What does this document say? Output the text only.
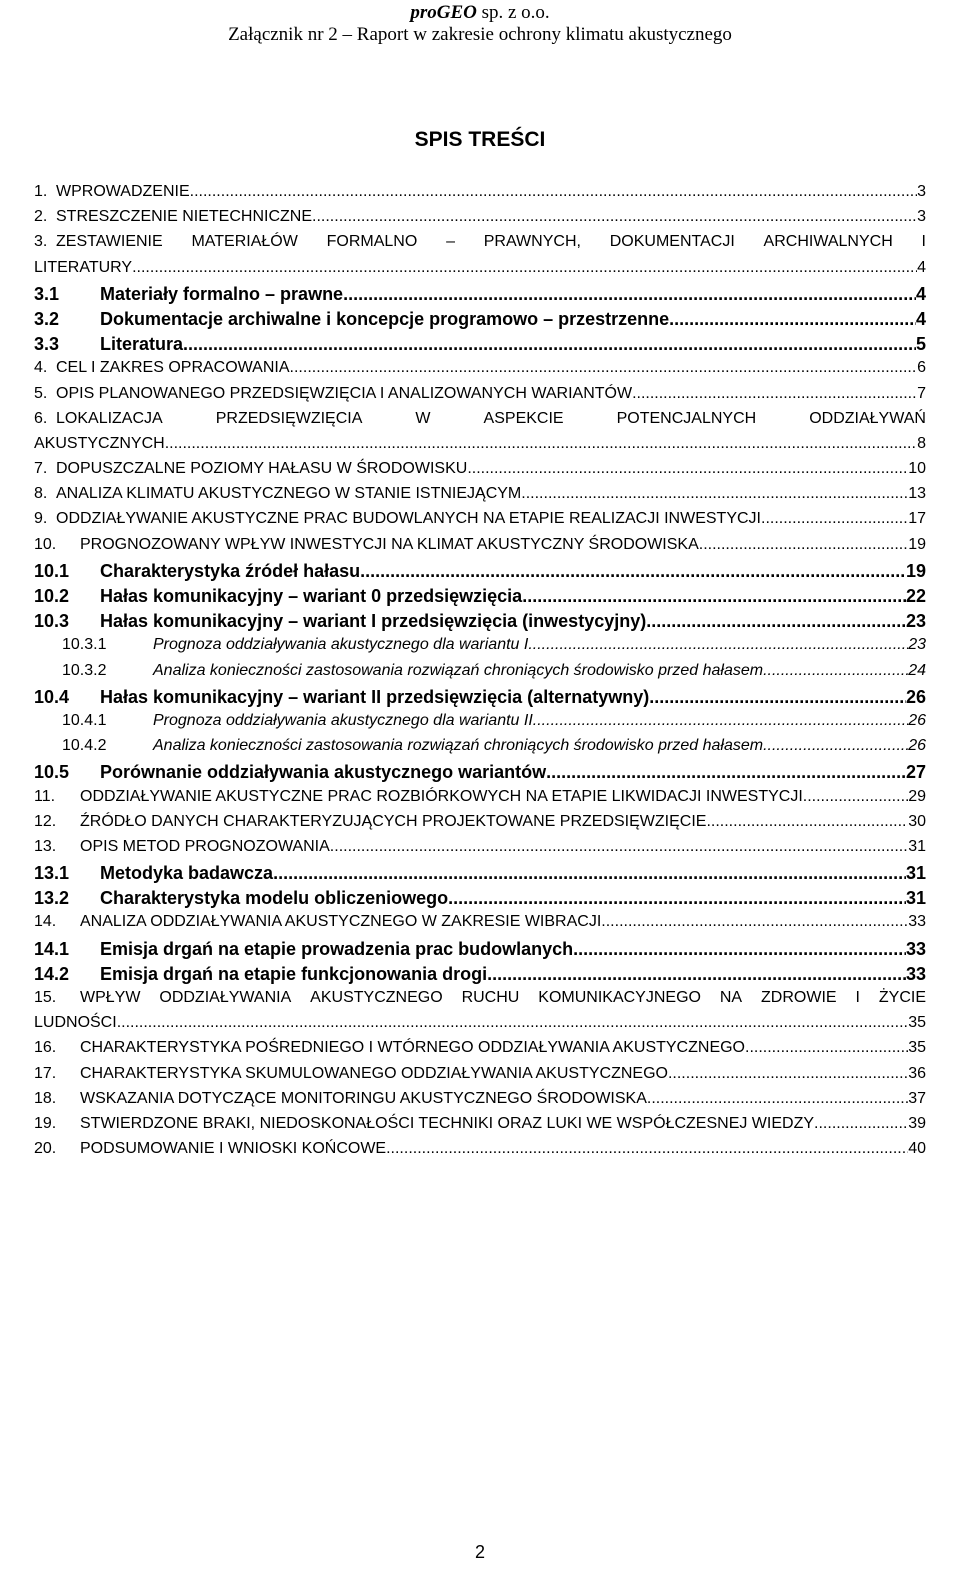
proGEO sp. z o.o.
Załącznik nr 2 – Raport w zakresie ochrony klimatu akustycznego
SPIS TREŚCI
1. WPROWADZENIE .....	3
2. STRESZCZENIE NIETECHNICZNE .....	3
3. ZESTAWIENIE MATERIAŁÓW FORMALNO – PRAWNYCH, DOKUMENTACJI ARCHIWALNYCH I
LITERATURY .....	4
3.1	Materiały formalno – prawne .....	4
3.2	Dokumentacje archiwalne i koncepcje programowo – przestrzenne .....	4
3.3	Literatura .....	5
4. CEL I ZAKRES OPRACOWANIA .....	6
5. OPIS PLANOWANEGO PRZEDSIĘWZIĘCIA I ANALIZOWANYCH WARIANTÓW .....	7
6. LOKALIZACJA	PRZEDSIĘWZIĘCIA	W	ASPEKCIE	POTENCJALNYCH	ODDZIAŁYWAŃ
AKUSTYCZNYCH .....	8
7. DOPUSZCZALNE POZIOMY HAŁASU W ŚRODOWISKU .....	10
8. ANALIZA KLIMATU AKUSTYCZNEGO W STANIE ISTNIEJĄCYM .....	13
9. ODDZIAŁYWANIE AKUSTYCZNE PRAC BUDOWLANYCH NA ETAPIE REALIZACJI INWESTYCJI .....	17
10.	PROGNOZOWANY WPŁYW INWESTYCJI NA KLIMAT AKUSTYCZNY ŚRODOWISKA .....	19
10.1	Charakterystyka źródeł hałasu .....	19
10.2	Hałas komunikacyjny – wariant 0 przedsięwzięcia .....	22
10.3	Hałas komunikacyjny – wariant I przedsięwzięcia (inwestycyjny) .....	23
10.3.1	Prognoza oddziaływania akustycznego dla wariantu I .....	23
10.3.2	Analiza konieczności zastosowania rozwiązań chroniących środowisko przed hałasem .....	24
10.4	Hałas komunikacyjny – wariant II przedsięwzięcia (alternatywny) .....	26
10.4.1	Prognoza oddziaływania akustycznego dla wariantu II .....	26
10.4.2	Analiza konieczności zastosowania rozwiązań chroniących środowisko przed hałasem .....	26
10.5	Porównanie oddziaływania akustycznego wariantów .....	27
11.	ODDZIAŁYWANIE AKUSTYCZNE PRAC ROZBIÓRKOWYCH NA ETAPIE LIKWIDACJI INWESTYCJI .....	29
12.	ŹRÓDŁO DANYCH CHARAKTERYZUJĄCYCH PROJEKTOWANE PRZEDSIĘWZIĘCIE .....	30
13.	OPIS METOD PROGNOZOWANIA .....	31
13.1	Metodyka badawcza .....	31
13.2	Charakterystyka modelu obliczeniowego .....	31
14.	ANALIZA ODDZIAŁYWANIA AKUSTYCZNEGO W ZAKRESIE WIBRACJI .....	33
14.1	Emisja drgań na etapie prowadzenia prac budowlanych .....	33
14.2	Emisja drgań na etapie funkcjonowania drogi .....	33
15.	WPŁYW ODDZIAŁYWANIA AKUSTYCZNEGO RUCHU KOMUNIKACYJNEGO NA ZDROWIE I ŻYCIE
LUDNOŚCI .....	35
16.	CHARAKTERYSTYKA POŚREDNIEGO I WTÓRNEGO ODDZIAŁYWANIA AKUSTYCZNEGO .....	35
17.	CHARAKTERYSTYKA SKUMULOWANEGO ODDZIAŁYWANIA AKUSTYCZNEGO .....	36
18.	WSKAZANIA DOTYCZĄCE MONITORINGU AKUSTYCZNEGO ŚRODOWISKA .....	37
19.	STWIERDZONE BRAKI, NIEDOSKONAŁOŚCI TECHNIKI ORAZ LUKI WE WSPÓŁCZESNEJ WIEDZY .....	39
20.	PODSUMOWANIE I WNIOSKI KOŃCOWE .....	40
2
